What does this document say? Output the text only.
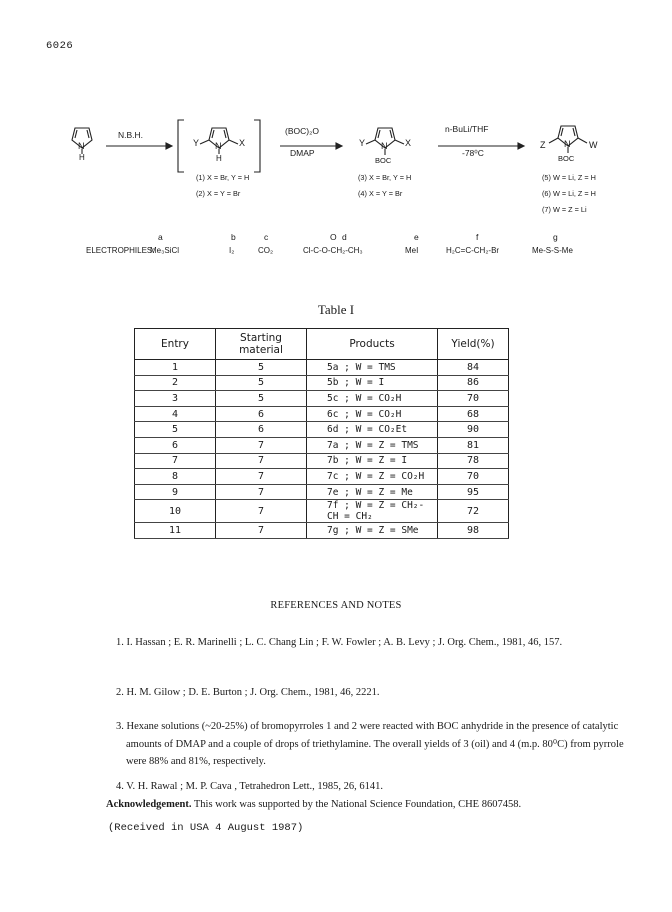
6026
N
H
N.B.H.
Y N X
H
(BOC)₂O
DMAP
Y N X
BOC
n-BuLi/THF
-78⁰C
Z N W
BOC
(1) X = Br, Y = H
(2) X = Y = Br
(3) X = Br, Y = H
(4) X = Y = Br
(5) W = Li, Z = H
(6) W = Li, Z = H
(7) W = Z = Li
a	b	c	O d	e	f	g
ELECTROPHILES:
Me₃SiCl	I₂	CO₂	Cl-C-O-CH₂-CH₃	MeI	H₂C=C-CH₂-Br	Me-S-S-Me
Table I
Entry	Starting
material	Products	Yield(%)
1	5	5a ; W = TMS	84
2	5	5b ; W = I	86
3	5	5c ; W = CO₂H	70
4	6	6c ; W = CO₂H	68
5	6	6d ; W = CO₂Et	90
6	7	7a ; W = Z = TMS	81
7	7	7b ; W = Z = I	78
8	7	7c ; W = Z = CO₂H	70
9	7	7e ; W = Z = Me	95
10	7	7f ; W = Z = CH₂-CH = CH₂	72
11	7	7g ; W = Z = SMe	98
REFERENCES AND NOTES
1. I. Hassan ; E. R. Marinelli ; L. C. Chang Lin ; F. W. Fowler ; A. B. Levy ; J. Org. Chem., 1981, 46, 157.
2. H. M. Gilow ; D. E. Burton ; J. Org. Chem., 1981, 46, 2221.
3. Hexane solutions (~20-25%) of bromopyrroles 1 and 2 were reacted with BOC anhydride in the presence of catalytic amounts of DMAP and a couple of drops of triethylamine. The overall yields of 3 (oil) and 4 (m.p. 80⁰C) from pyrrole were 88% and 81%, respectively.
4. V. H. Rawal ; M. P. Cava , Tetrahedron Lett., 1985, 26, 6141.
Acknowledgement. This work was supported by the National Science Foundation, CHE 8607458.
(Received in USA 4 August 1987)
